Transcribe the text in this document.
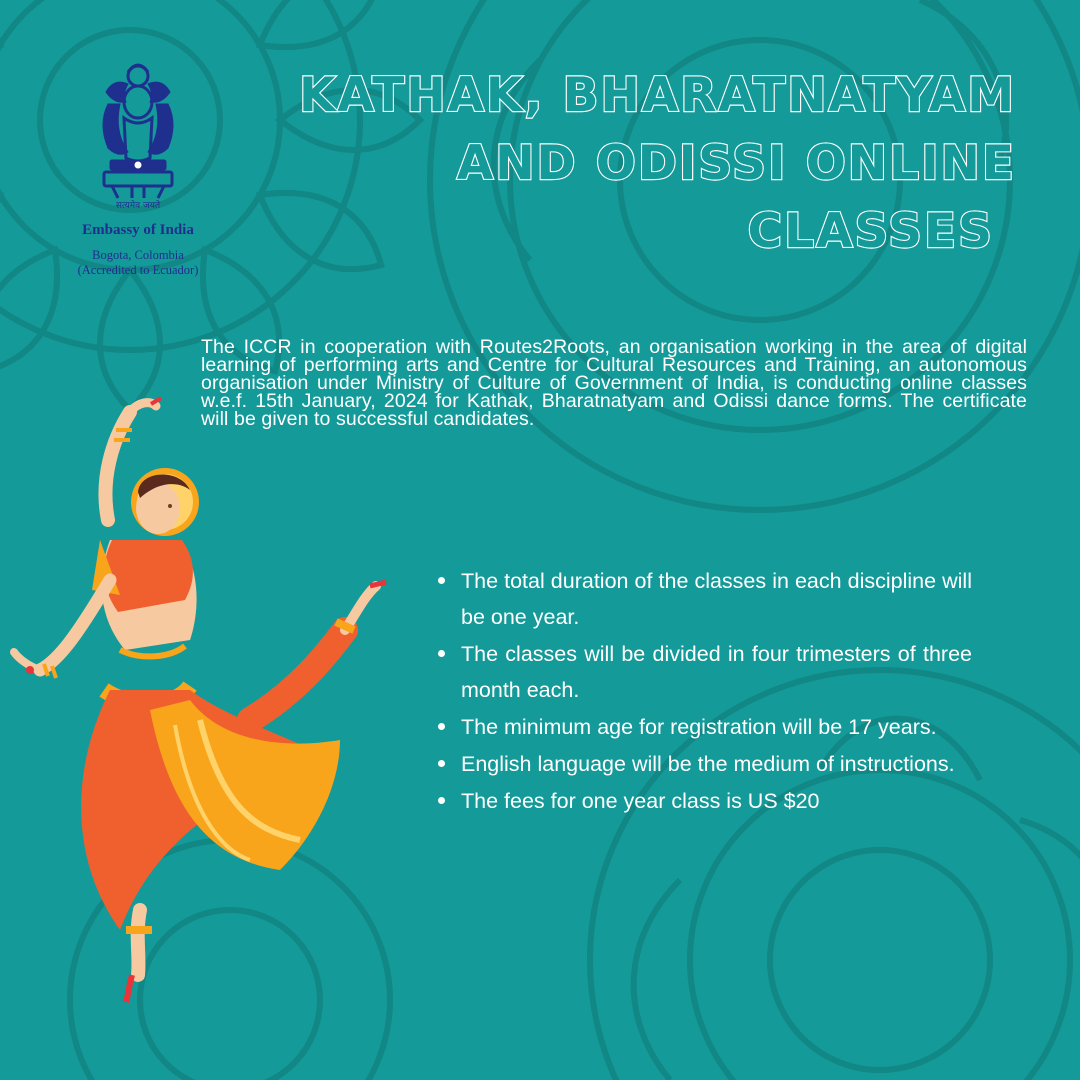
सत्यमेव जयते
Embassy of India
Bogota, Colombia
(Accredited to Ecuador)
KATHAK, BHARATNATYAM
AND ODISSI ONLINE
CLASSES
The ICCR in cooperation with Routes2Roots, an organisation working in the area of digital learning of performing arts and Centre for Cultural Resources and Training, an autonomous organisation under Ministry of Culture of Government of India, is conducting online classes w.e.f. 15th January, 2024 for Kathak, Bharatnatyam and Odissi dance forms. The certificate will be given to successful candidates.
The total duration of the classes in each discipline will be one year.
The classes will be divided in four trimesters of three month each.
The minimum age for registration will be 17 years.
English language will be the medium of instructions.
The fees for one year class is US $20
